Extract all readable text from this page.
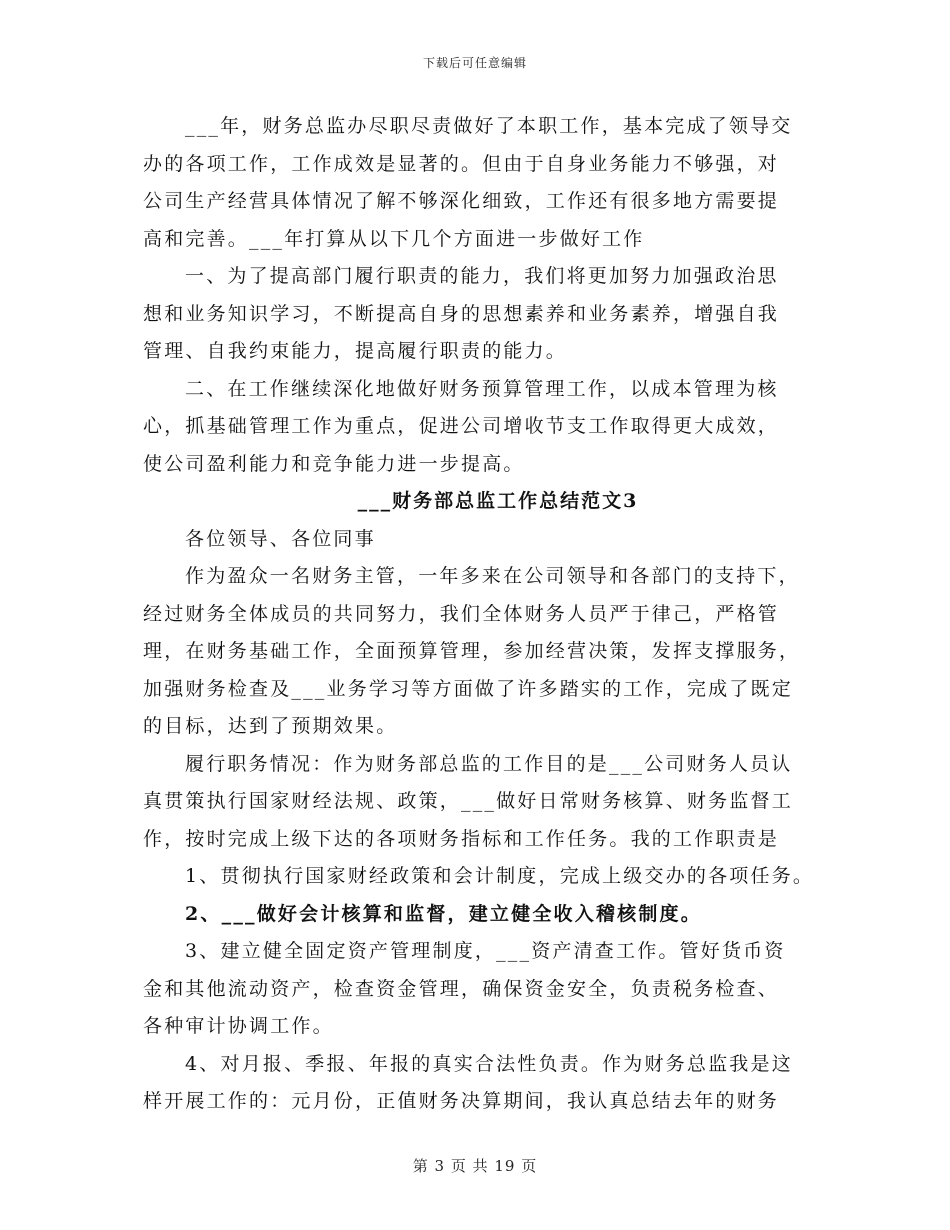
下载后可任意编辑
___年，财务总监办尽职尽责做好了本职工作，基本完成了领导交
办的各项工作，工作成效是显著的。但由于自身业务能力不够强，对
公司生产经营具体情况了解不够深化细致，工作还有很多地方需要提
高和完善。___年打算从以下几个方面进一步做好工作
一、为了提高部门履行职责的能力，我们将更加努力加强政治思
想和业务知识学习，不断提高自身的思想素养和业务素养，增强自我
管理、自我约束能力，提高履行职责的能力。
二、在工作继续深化地做好财务预算管理工作，以成本管理为核
心，抓基础管理工作为重点，促进公司增收节支工作取得更大成效，
使公司盈利能力和竞争能力进一步提高。
___财务部总监工作总结范文3
各位领导、各位同事
作为盈众一名财务主管，一年多来在公司领导和各部门的支持下，
经过财务全体成员的共同努力，我们全体财务人员严于律己，严格管
理，在财务基础工作，全面预算管理，参加经营决策，发挥支撑服务，
加强财务检查及___业务学习等方面做了许多踏实的工作，完成了既定
的目标，达到了预期效果。
履行职务情况：作为财务部总监的工作目的是___公司财务人员认
真贯策执行国家财经法规、政策，___做好日常财务核算、财务监督工
作，按时完成上级下达的各项财务指标和工作任务。我的工作职责是
1、贯彻执行国家财经政策和会计制度，完成上级交办的各项任务。
2、___做好会计核算和监督，建立健全收入稽核制度。
3、建立健全固定资产管理制度，___资产清查工作。管好货币资
金和其他流动资产，检查资金管理，确保资金安全，负责税务检查、
各种审计协调工作。
4、对月报、季报、年报的真实合法性负责。作为财务总监我是这
样开展工作的：元月份，正值财务决算期间，我认真总结去年的财务
第 3 页 共 19 页
